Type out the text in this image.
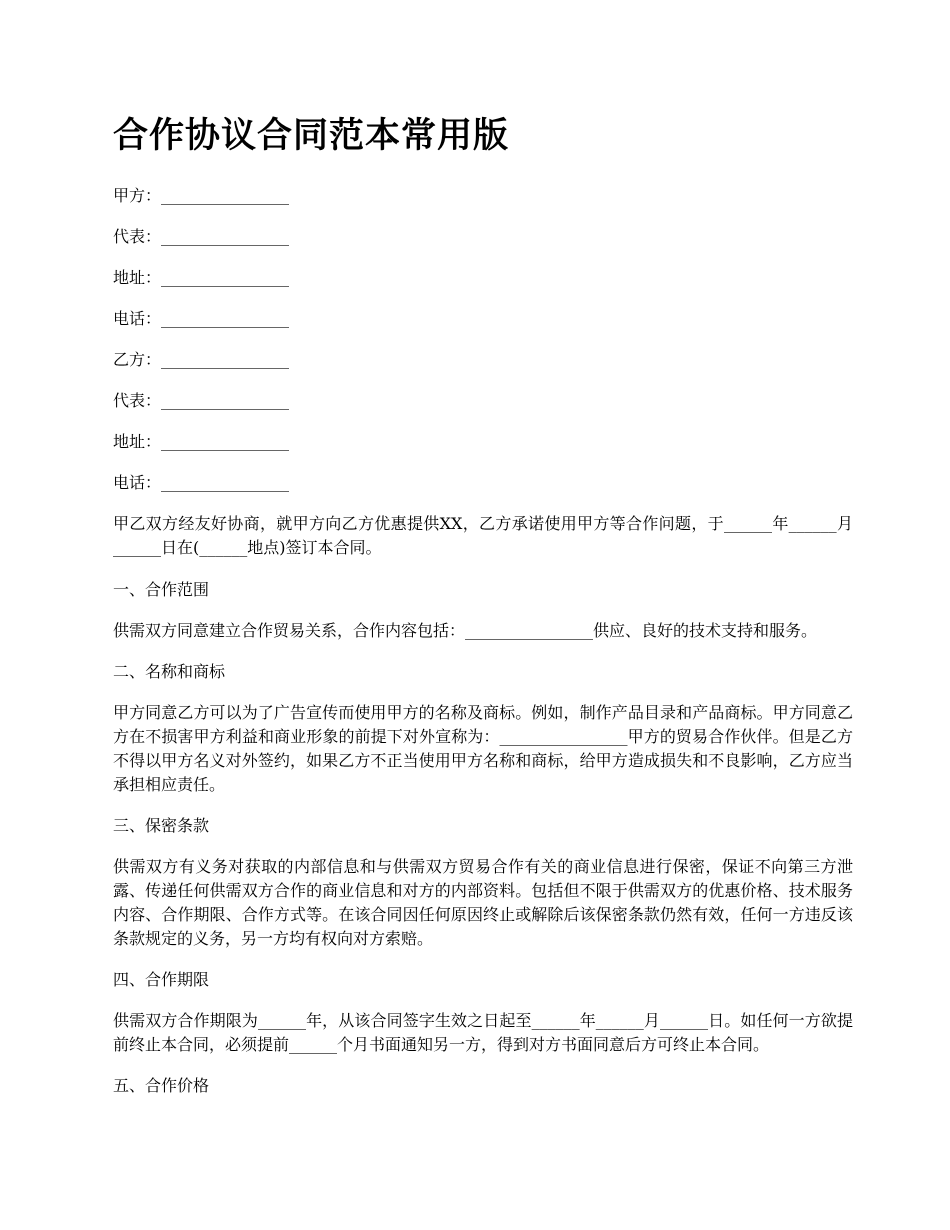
合作协议合同范本常用版
甲方：________________
代表：________________
地址：________________
电话：________________
乙方：________________
代表：________________
地址：________________
电话：________________

甲乙双方经友好协商，就甲方向乙方优惠提供XX，乙方承诺使用甲方等合作问题，于______年______月______日在(______地点)签订本合同。

一、合作范围

供需双方同意建立合作贸易关系，合作内容包括：________________供应、良好的技术支持和服务。

二、名称和商标

甲方同意乙方可以为了广告宣传而使用甲方的名称及商标。例如，制作产品目录和产品商标。甲方同意乙方在不损害甲方利益和商业形象的前提下对外宣称为：________________甲方的贸易合作伙伴。但是乙方不得以甲方名义对外签约，如果乙方不正当使用甲方名称和商标，给甲方造成损失和不良影响，乙方应当承担相应责任。

三、保密条款

供需双方有义务对获取的内部信息和与供需双方贸易合作有关的商业信息进行保密，保证不向第三方泄露、传递任何供需双方合作的商业信息和对方的内部资料。包括但不限于供需双方的优惠价格、技术服务内容、合作期限、合作方式等。在该合同因任何原因终止或解除后该保密条款仍然有效，任何一方违反该条款规定的义务，另一方均有权向对方索赔。

四、合作期限

供需双方合作期限为______年，从该合同签字生效之日起至______年______月______日。如任何一方欲提前终止本合同，必须提前______个月书面通知另一方，得到对方书面同意后方可终止本合同。

五、合作价格
